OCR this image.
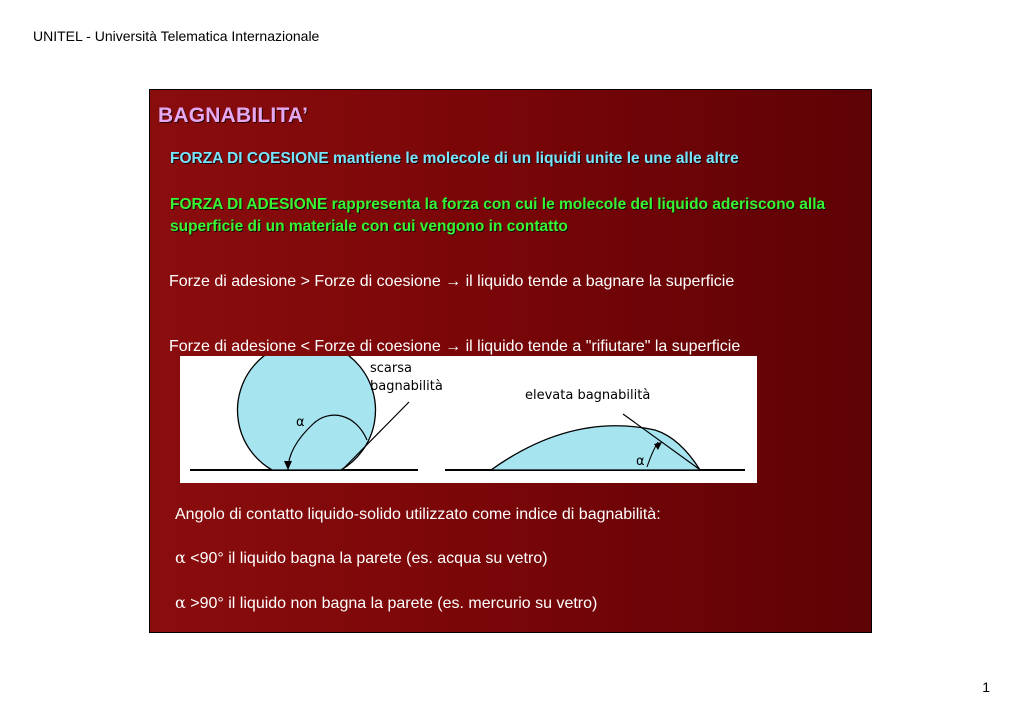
UNITEL - Università Telematica Internazionale
BAGNABILITA’
FORZA DI COESIONE mantiene le molecole di un liquidi unite le une alle altre
FORZA DI ADESIONE rappresenta la forza con cui le molecole del liquido aderiscono alla superficie di un materiale con cui vengono in contatto
Forze di adesione > Forze di coesione → il liquido tende a bagnare la superficie
Forze di adesione < Forze di coesione → il liquido tende a "rifiutare" la superficie
scarsa
bagnabilità
elevata bagnabilità
α
α
Angolo di contatto liquido-solido utilizzato come indice di bagnabilità:
α <90° il liquido bagna la parete (es. acqua su vetro)
α >90° il liquido non bagna la parete (es. mercurio su vetro)
1
